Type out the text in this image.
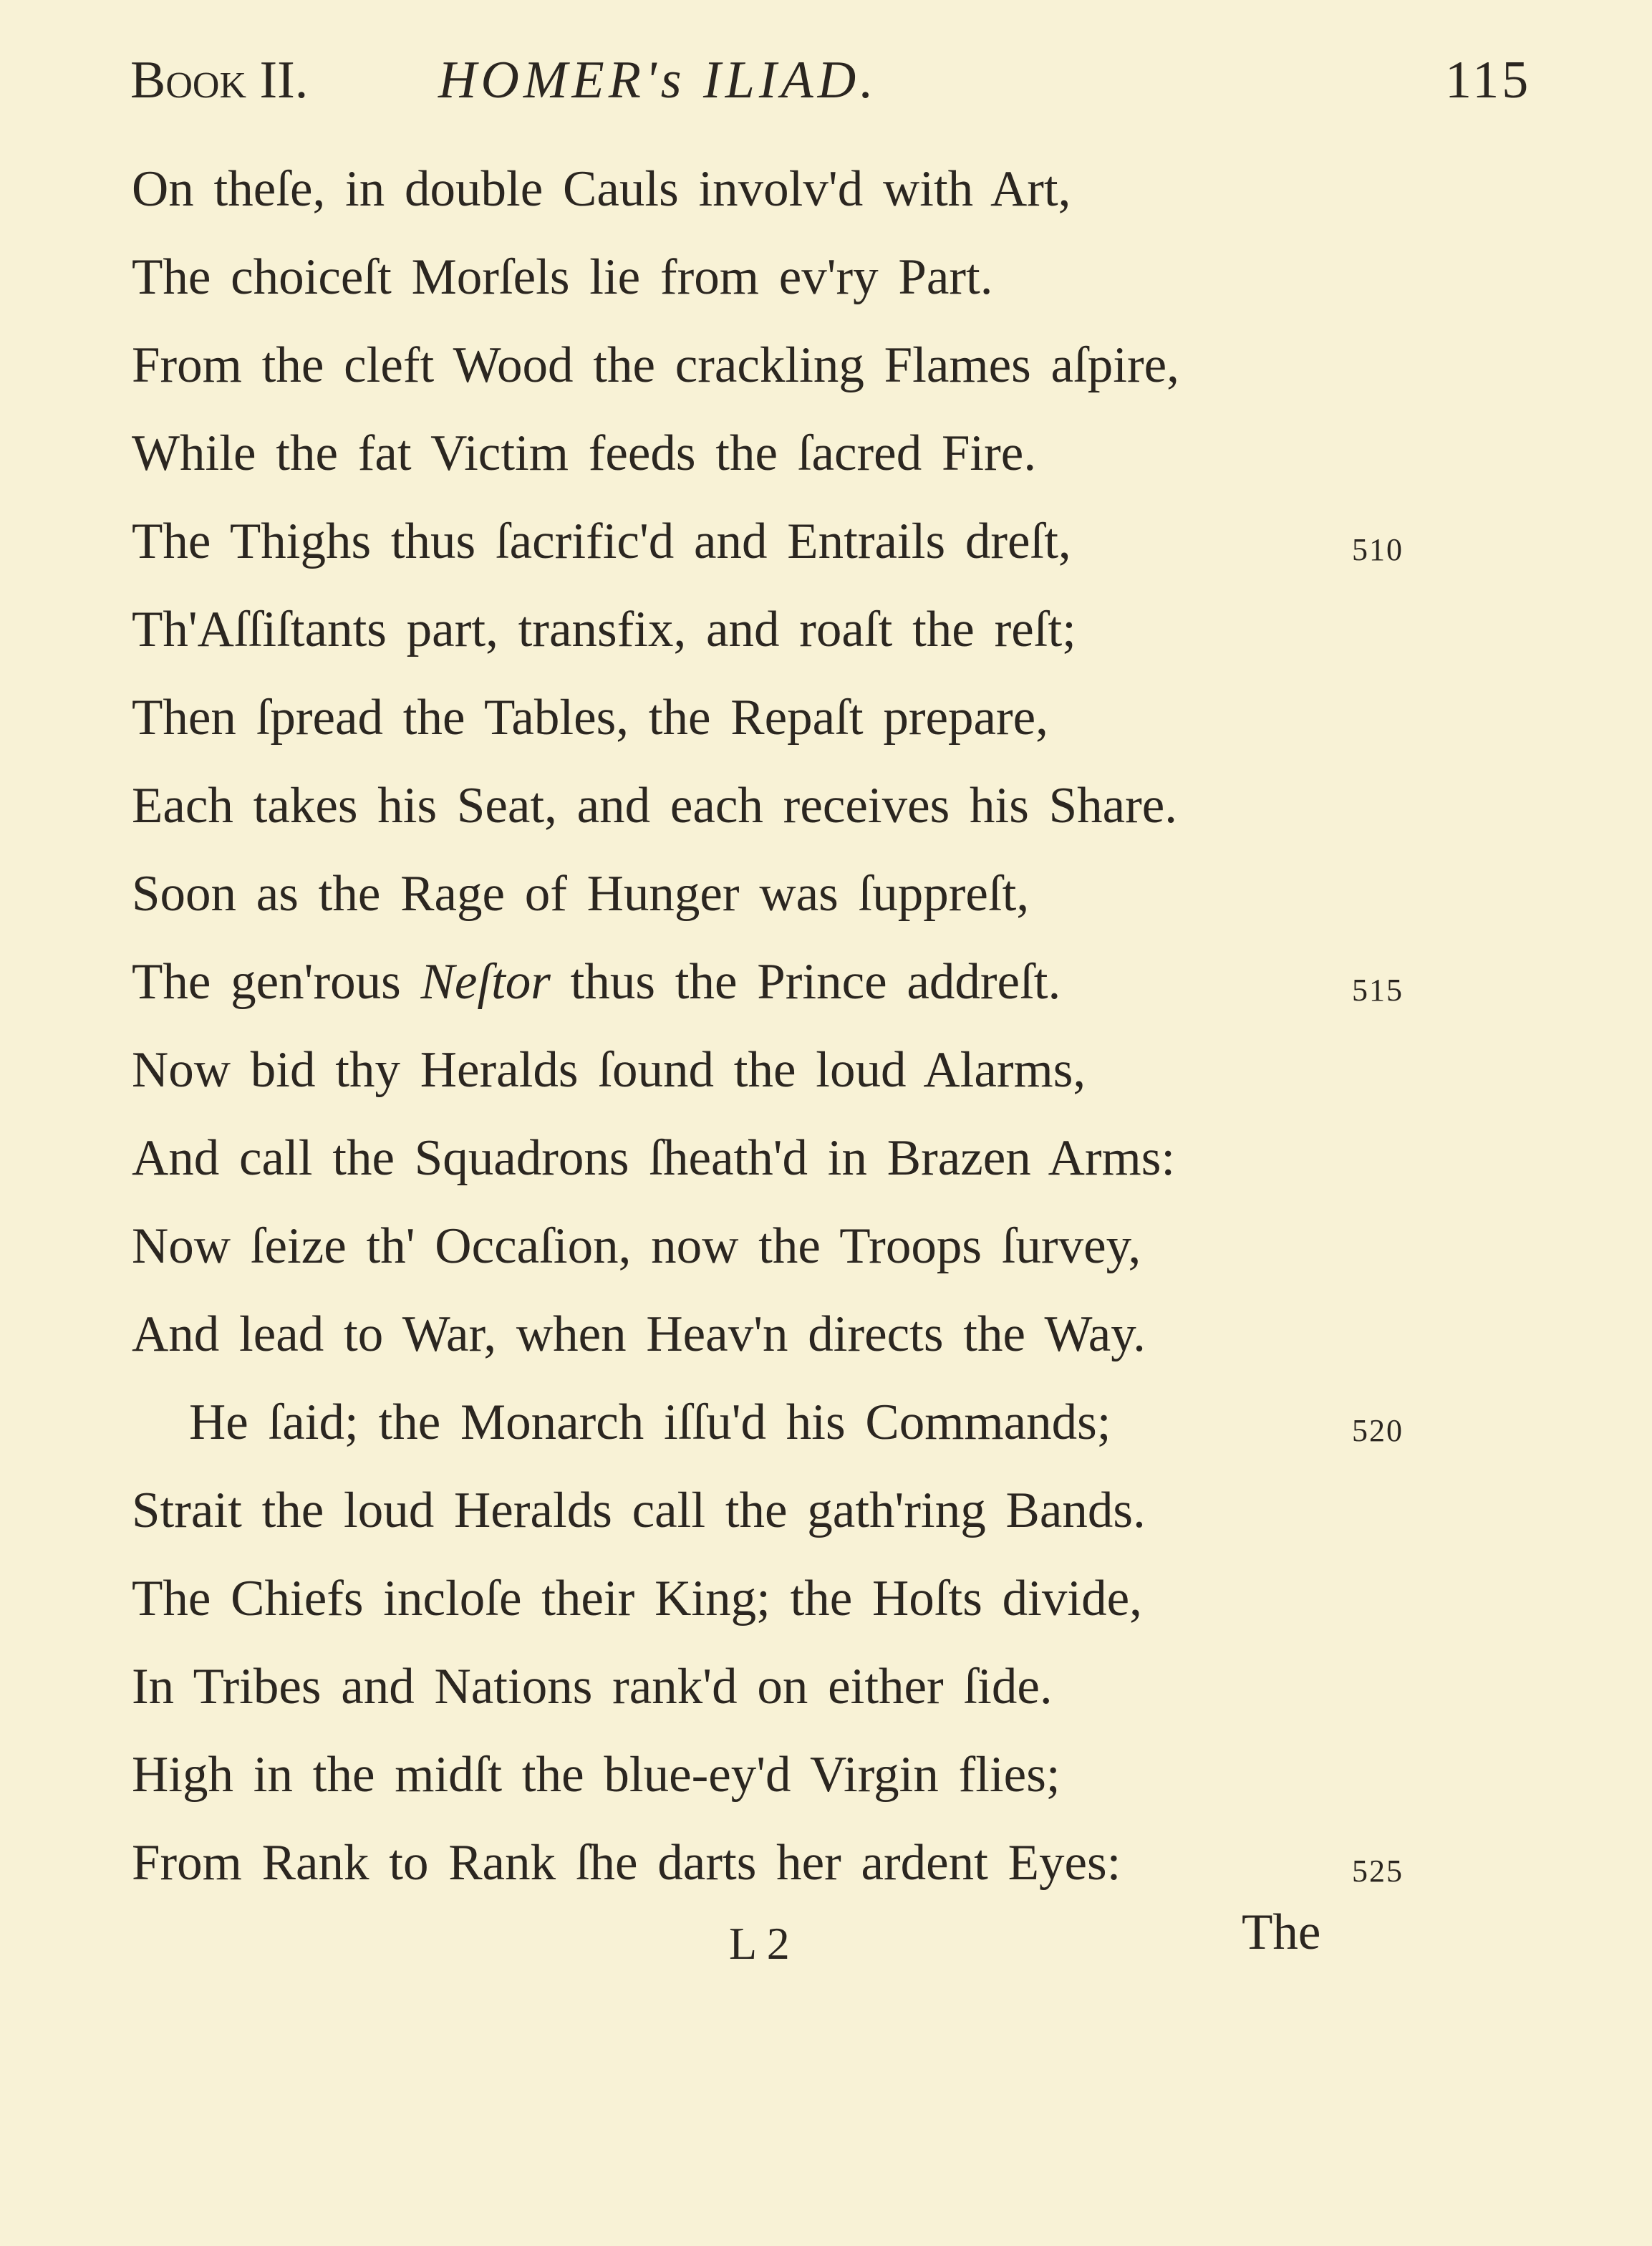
Book II. HOMER's ILIAD.	115
On theſe, in double Cauls involv'd with Art,
The choiceſt Morſels lie from ev'ry Part.
From the cleft Wood the crackling Flames aſpire,
While the fat Victim feeds the ſacred Fire.
The Thighs thus ſacrific'd and Entrails dreſt,	510
Th'Aſſiſtants part, transfix, and roaſt the reſt;
Then ſpread the Tables, the Repaſt prepare,
Each takes his Seat, and each receives his Share.
Soon as the Rage of Hunger was ſuppreſt,
The gen'rous Neſtor thus the Prince addreſt.	515
Now bid thy Heralds ſound the loud Alarms,
And call the Squadrons ſheath'd in Brazen Arms:
Now ſeize th' Occaſion, now the Troops ſurvey,
And lead to War, when Heav'n directs the Way.
He ſaid; the Monarch iſſu'd his Commands;	520
Strait the loud Heralds call the gath'ring Bands.
The Chiefs incloſe their King; the Hoſts divide,
In Tribes and Nations rank'd on either ſide.
High in the midſt the blue-ey'd Virgin flies;
From Rank to Rank ſhe darts her ardent Eyes:	525
L 2	The
